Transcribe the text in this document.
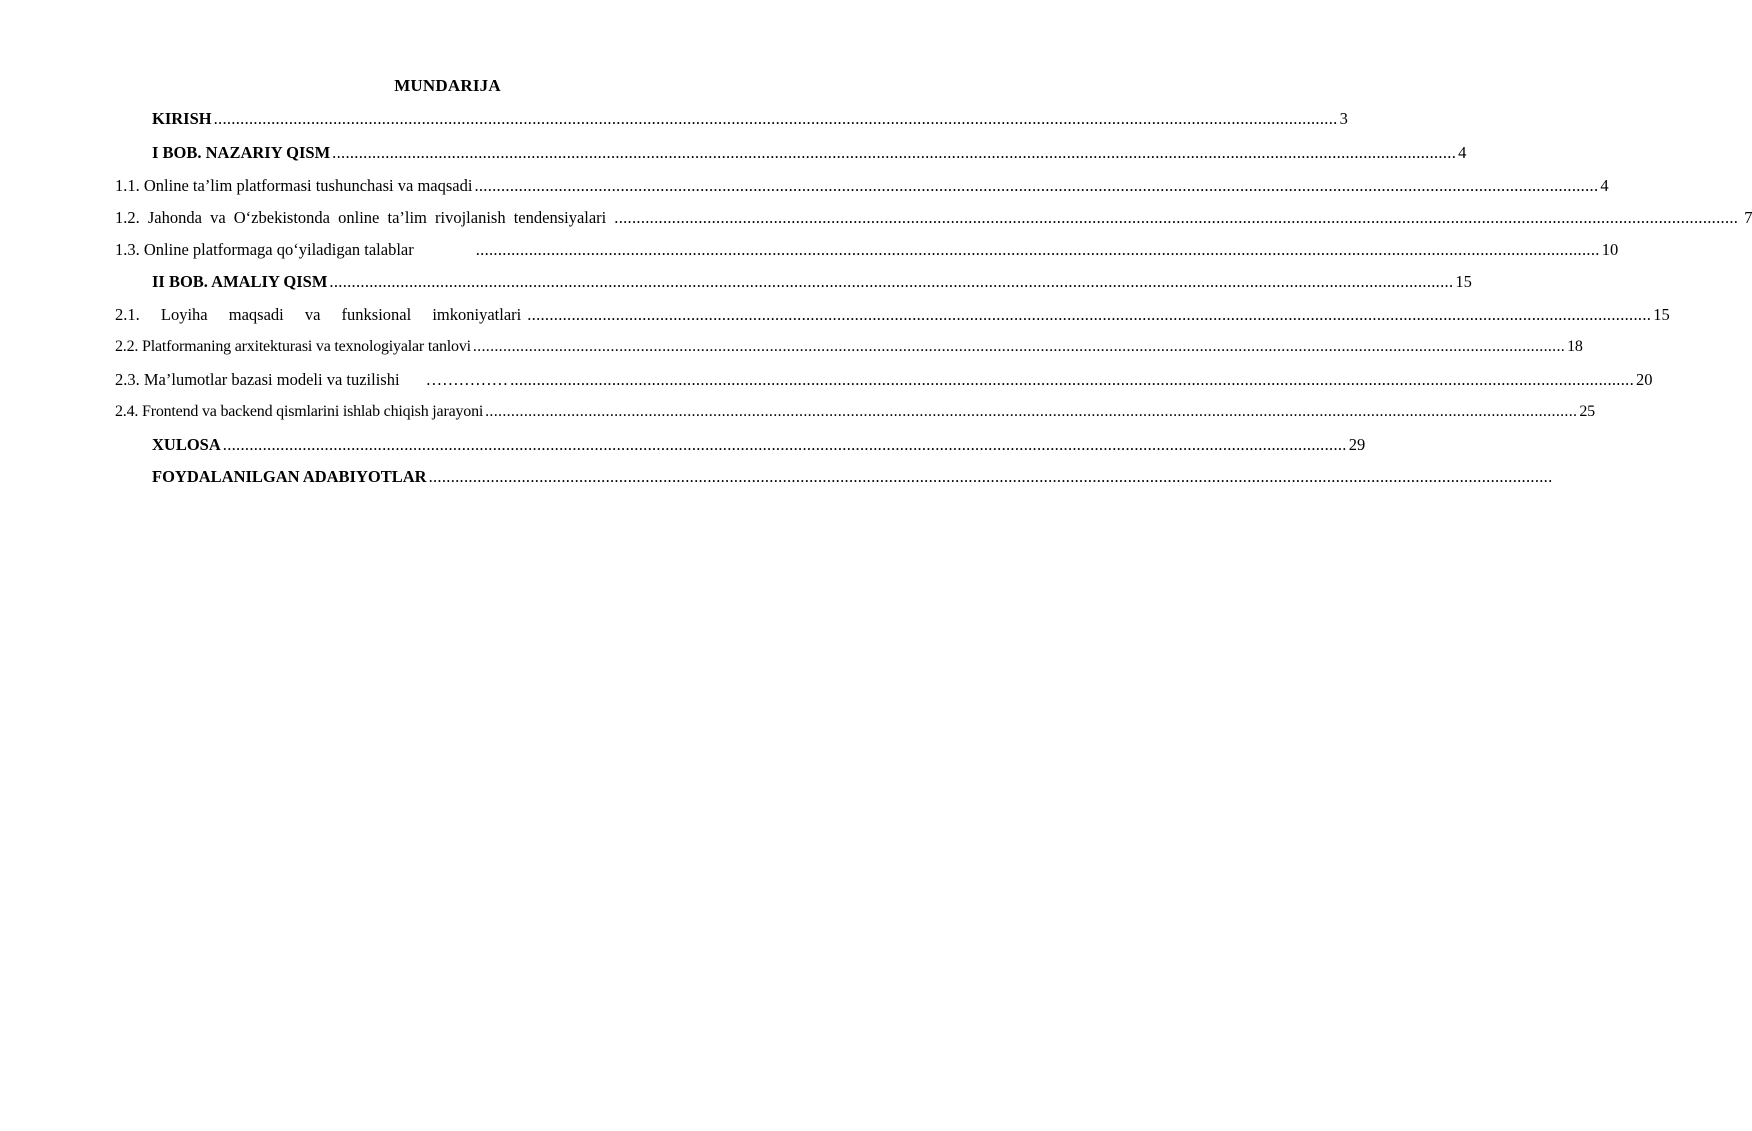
MUNDARIJA
KIRISH .............................................................................................................................................................................................................................................................. 3
I BOB. NAZARIY QISM .............................................................................................................................................................................................................................................................. 4
1.1. Online ta’lim platformasi tushunchasi va maqsadi .............................................................................................................................................................................................................................................................. 4
1.2. Jahonda va O‘zbekistonda online ta’lim rivojlanish tendensiyalari .............................................................................................................................................................................................................................................................. 7
1.3. Online platformaga qo‘yiladigan talablar	.............................................................................................................................................................................................................................................................. 10
II BOB. AMALIY QISM .............................................................................................................................................................................................................................................................. 15
2.1. Loyiha maqsadi va funksional imkoniyatlari .............................................................................................................................................................................................................................................................. 15
2.2. Platformaning arxitekturasi va texnologiyalar tanlovi .............................................................................................................................................................................................................................................................. 18
2.3. Ma’lumotlar bazasi modeli va tuzilishi …………… .............................................................................................................................................................................................................................................................. 20
2.4. Frontend va backend qismlarini ishlab chiqish jarayoni .............................................................................................................................................................................................................................................................. 25
XULOSA .............................................................................................................................................................................................................................................................. 29
FOYDALANILGAN ADABIYOTLAR ..............................................................................................................................................................................................................................................................
